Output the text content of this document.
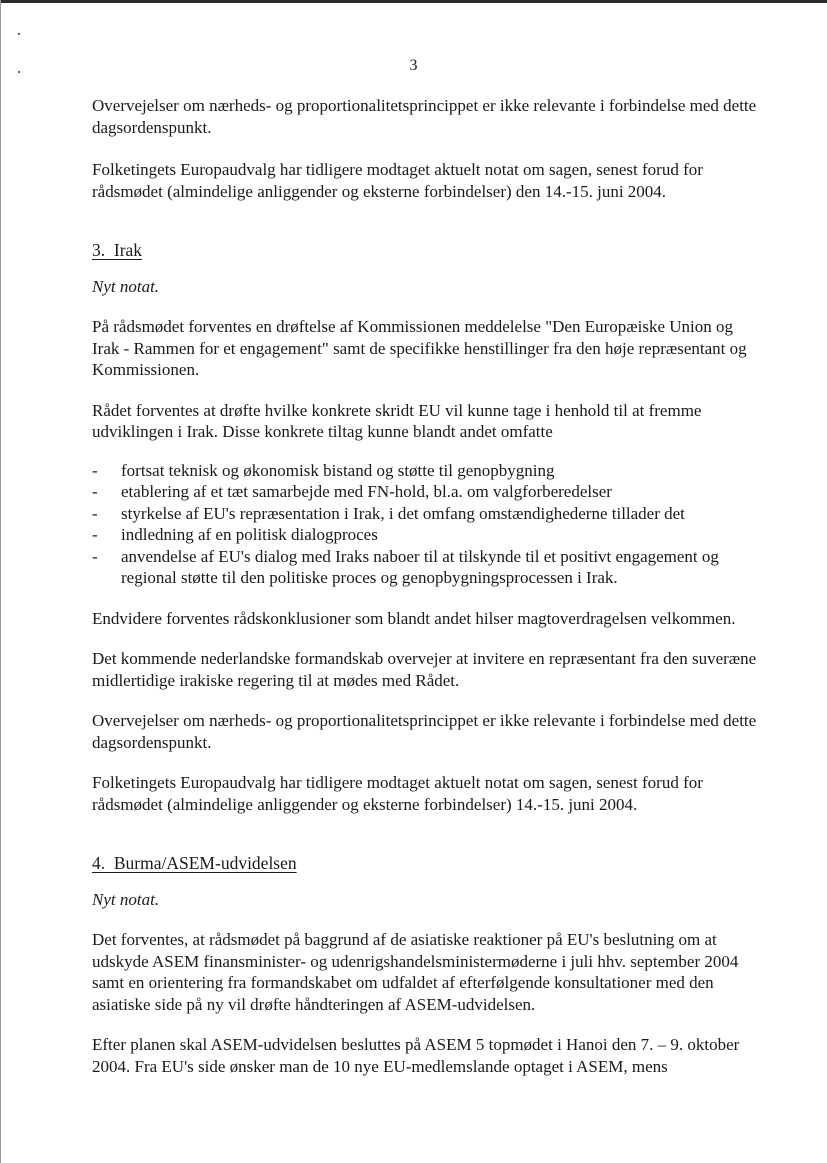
3

Overvejelser om nærheds- og proportionalitetsprincippet er ikke relevante i forbindelse med dette dagsordenspunkt.

Folketingets Europaudvalg har tidligere modtaget aktuelt notat om sagen, senest forud for rådsmødet (almindelige anliggender og eksterne forbindelser) den 14.-15. juni 2004.

3.  Irak

Nyt notat.

På rådsmødet forventes en drøftelse af Kommissionen meddelelse "Den Europæiske Union og Irak - Rammen for et engagement" samt de specifikke henstillinger fra den høje repræsentant og Kommissionen.

Rådet forventes at drøfte hvilke konkrete skridt EU vil kunne tage i henhold til at fremme udviklingen i Irak. Disse konkrete tiltag kunne blandt andet omfatte

- fortsat teknisk og økonomisk bistand og støtte til genopbygning
- etablering af et tæt samarbejde med FN-hold, bl.a. om valgforberedelser
- styrkelse af EU's repræsentation i Irak, i det omfang omstændighederne tillader det
- indledning af en politisk dialogproces
- anvendelse af EU's dialog med Iraks naboer til at tilskynde til et positivt engagement og regional støtte til den politiske proces og genopbygningsprocessen i Irak.

Endvidere forventes rådskonklusioner som blandt andet hilser magtoverdragelsen velkommen.

Det kommende nederlandske formandskab overvejer at invitere en repræsentant fra den suveræne midlertidige irakiske regering til at mødes med Rådet.

Overvejelser om nærheds- og proportionalitetsprincippet er ikke relevante i forbindelse med dette dagsordenspunkt.

Folketingets Europaudvalg har tidligere modtaget aktuelt notat om sagen, senest forud for rådsmødet (almindelige anliggender og eksterne forbindelser) 14.-15. juni 2004.

4.  Burma/ASEM-udvidelsen

Nyt notat.

Det forventes, at rådsmødet på baggrund af de asiatiske reaktioner på EU's beslutning om at udskyde ASEM finansminister- og udenrigshandelsministermøderne i juli hhv. september 2004 samt en orientering fra formandskabet om udfaldet af efterfølgende konsultationer med den asiatiske side på ny vil drøfte håndteringen af ASEM-udvidelsen.

Efter planen skal ASEM-udvidelsen besluttes på ASEM 5 topmødet i Hanoi den 7. – 9. oktober 2004. Fra EU's side ønsker man de 10 nye EU-medlemslande optaget i ASEM, mens
